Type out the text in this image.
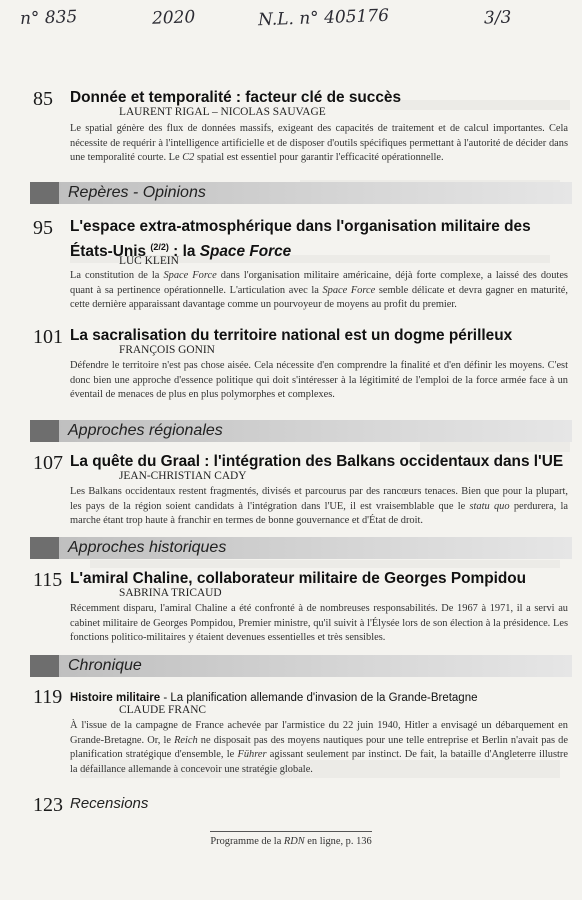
n° 835	2020	N.L. n° 405176	3/3
85 Donnée et temporalité : facteur clé de succès
LAURENT RIGAL – NICOLAS SAUVAGE
Le spatial génère des flux de données massifs, exigeant des capacités de traitement et de calcul importantes. Cela nécessite de requérir à l'intelligence artificielle et de disposer d'outils spécifiques permettant à l'autorité de décider dans une temporalité courte. Le C2 spatial est essentiel pour garantir l'efficacité opérationnelle.
Repères - Opinions
95 L'espace extra-atmosphérique dans l'organisation militaire des États-Unis $^{(2/2)}$ : la Space Force
LUC KLEIN
La constitution de la Space Force dans l'organisation militaire américaine, déjà forte complexe, a laissé des doutes quant à sa pertinence opérationnelle. L'articulation avec la Space Force semble délicate et devra gagner en maturité, cette dernière apparaissant davantage comme un pourvoyeur de moyens au profit du premier.
101 La sacralisation du territoire national est un dogme périlleux
FRANÇOIS GONIN
Défendre le territoire n'est pas chose aisée. Cela nécessite d'en comprendre la finalité et d'en définir les moyens. C'est donc bien une approche d'essence politique qui doit s'intéresser à la légitimité de l'emploi de la force armée face à un éventail de menaces de plus en plus polymorphes et complexes.
Approches régionales
107 La quête du Graal : l'intégration des Balkans occidentaux dans l'UE
JEAN-CHRISTIAN CADY
Les Balkans occidentaux restent fragmentés, divisés et parcourus par des rancœurs tenaces. Bien que pour la plupart, les pays de la région soient candidats à l'intégration dans l'UE, il est vraisemblable que le statu quo perdurera, la marche étant trop haute à franchir en termes de bonne gouvernance et d'État de droit.
Approches historiques
115 L'amiral Chaline, collaborateur militaire de Georges Pompidou
SABRINA TRICAUD
Récemment disparu, l'amiral Chaline a été confronté à de nombreuses responsabilités. De 1967 à 1971, il a servi au cabinet militaire de Georges Pompidou, Premier ministre, qu'il suivit à l'Élysée lors de son élection à la présidence. Les fonctions politico-militaires y étaient devenues essentielles et très sensibles.
Chronique
119 Histoire militaire - La planification allemande d'invasion de la Grande-Bretagne
CLAUDE FRANC
À l'issue de la campagne de France achevée par l'armistice du 22 juin 1940, Hitler a envisagé un débarquement en Grande-Bretagne. Or, le Reich ne disposait pas des moyens nautiques pour une telle entreprise et Berlin n'avait pas de planification stratégique d'ensemble, le Führer agissant seulement par instinct. De fait, la bataille d'Angleterre illustre la défaillance allemande à concevoir une stratégie globale.
123 Recensions
Programme de la RDN en ligne, p. 136
